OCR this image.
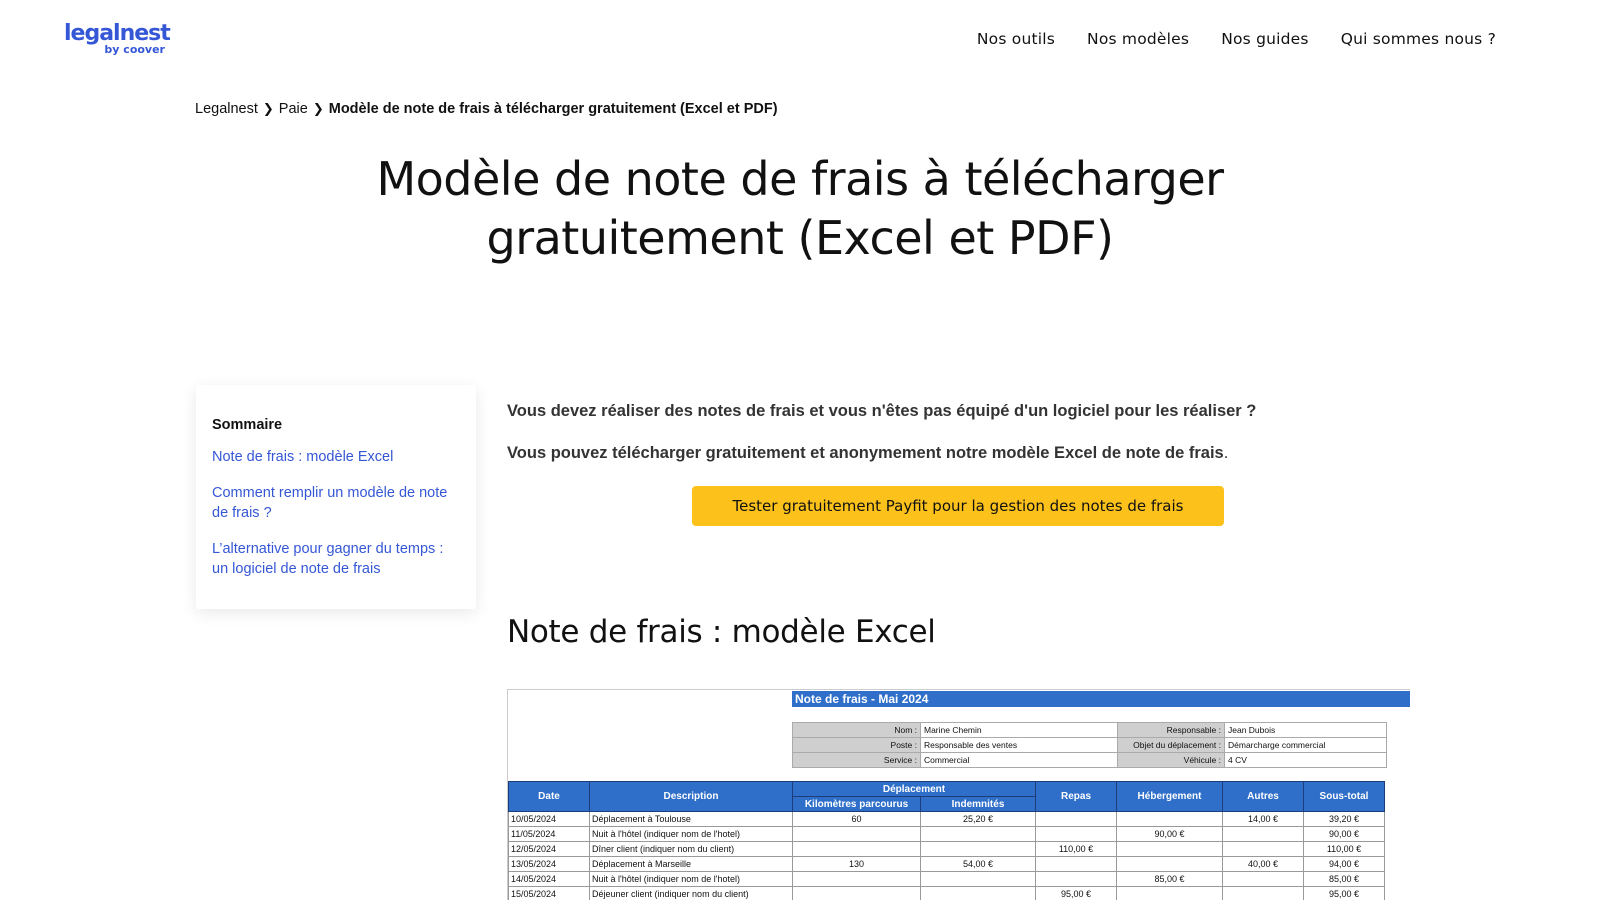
legalnest
by coover
Nos outils Nos modèles Nos guides Qui sommes nous ?
Legalnest ❯ Paie ❯ Modèle de note de frais à télécharger gratuitement (Excel et PDF)
Modèle de note de frais à télécharger
gratuitement (Excel et PDF)
Sommaire
Note de frais : modèle Excel
Comment remplir un modèle de note de frais ?
L’alternative pour gagner du temps : un logiciel de note de frais

Vous devez réaliser des notes de frais et vous n'êtes pas équipé d'un logiciel pour les réaliser ?

Vous pouvez télécharger gratuitement et anonymement notre modèle Excel de note de frais.

Tester gratuitement Payfit pour la gestion des notes de frais
Note de frais : modèle Excel
Note de frais - Mai 2024
Nom :	Marine Chemin
Poste :	Responsable des ventes
Service :	Commercial
Responsable :	Jean Dubois
Objet du déplacement :	Démarcharge commercial
Véhicule :	4 CV
Date	Description	Déplacement		Repas	Hébergement	Autres	Sous-total
		Kilomètres parcourus	Indemnités				
10/05/2024	Déplacement à Toulouse	60	25,20 €			14,00 €	39,20 €
11/05/2024	Nuit à l'hôtel (indiquer nom de l'hotel)				90,00 €		90,00 €
12/05/2024	Dîner client (indiquer nom du client)			110,00 €			110,00 €
13/05/2024	Déplacement à Marseille	130	54,00 €			40,00 €	94,00 €
14/05/2024	Nuit à l'hôtel (indiquer nom de l'hotel)				85,00 €		85,00 €
15/05/2024	Déjeuner client (indiquer nom du client)			95,00 €			95,00 €
